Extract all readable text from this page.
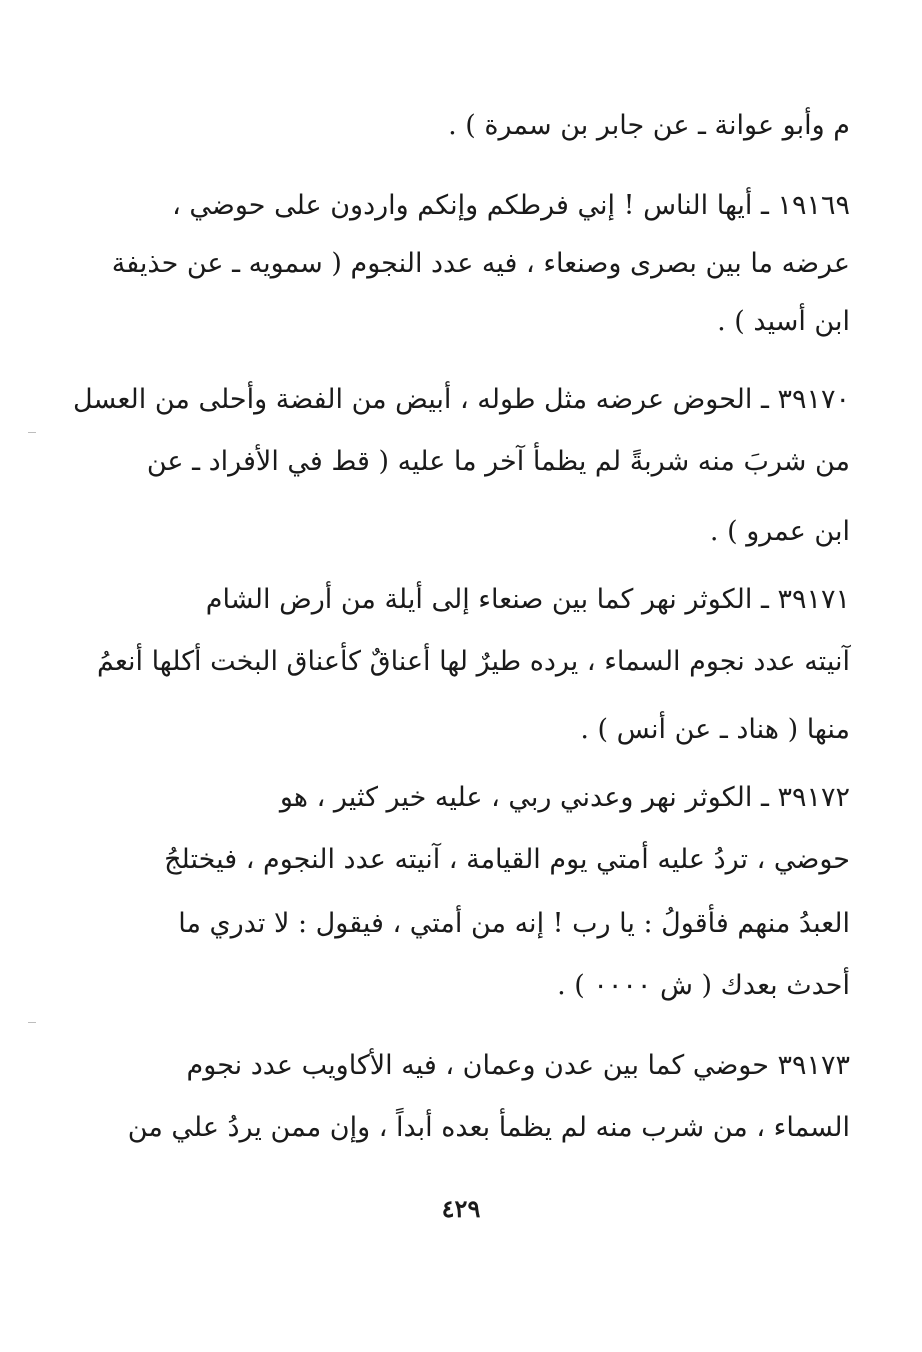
م وأبو عوانة ـ عن جابر بن سمرة ) .
١٩١٦٩ ـ أيها الناس ! إني فرطكم وإنكم واردون على حوضي ،
عرضه ما بين بصرى وصنعاء ، فيه عدد النجوم ( سمويه ـ عن حذيفة
ابن أسيد ) .
٣٩١٧٠ ـ الحوض عرضه مثل طوله ، أبيض من الفضة وأحلى من العسل
من شربَ منه شربةً لم يظمأ آخر ما عليه ( قط في الأفراد ـ عن
ابن عمرو ) .
٣٩١٧١ ـ الكوثر نهر كما بين صنعاء إلى أيلة من أرض الشام
آنيته عدد نجوم السماء ، يرده طيرٌ لها أعناقٌ كأعناق البخت أكلها أنعمُ
منها ( هناد ـ عن أنس ) .
٣٩١٧٢ ـ الكوثر نهر وعدني ربي ، عليه خير كثير ، هو
حوضي ، تردُ عليه أمتي يوم القيامة ، آنيته عدد النجوم ، فيختلجُ
العبدُ منهم فأقولُ : يا رب ! إنه من أمتي ، فيقول : لا تدري ما
أحدث بعدك ( ش ٠٠٠٠ ) .
٣٩١٧٣ حوضي كما بين عدن وعمان ، فيه الأكاويب عدد نجوم
السماء ، من شرب منه لم يظمأ بعده أبداً ، وإن ممن يردُ علي من
٤٢٩
